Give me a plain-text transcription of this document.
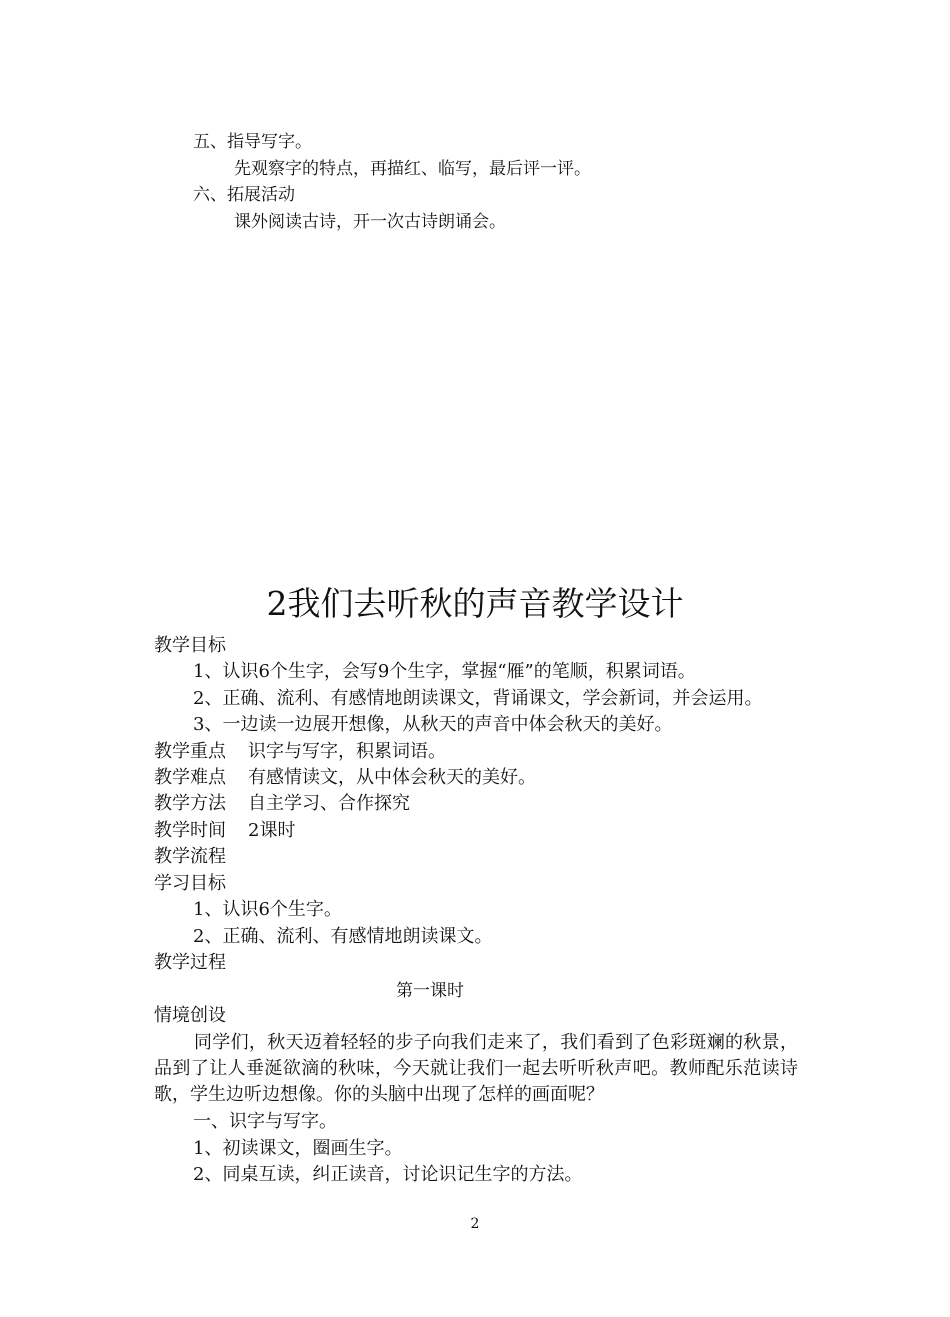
五、指导写字。
先观察字的特点，再描红、临写，最后评一评。
六、拓展活动
课外阅读古诗，开一次古诗朗诵会。
2我们去听秋的声音教学设计
教学目标
1、认识6个生字，会写9个生字，掌握“雁”的笔顺，积累词语。
2、正确、流利、有感情地朗读课文，背诵课文，学会新词，并会运用。
3、一边读一边展开想像，从秋天的声音中体会秋天的美好。
教学重点 识字与写字，积累词语。
教学难点 有感情读文，从中体会秋天的美好。
教学方法 自主学习、合作探究
教学时间 2课时
教学流程
学习目标
1、认识6个生字。
2、正确、流利、有感情地朗读课文。
教学过程
第一课时
情境创设
同学们，秋天迈着轻轻的步子向我们走来了，我们看到了色彩斑斓的秋景，品到了让人垂涎欲滴的秋味，今天就让我们一起去听听秋声吧。教师配乐范读诗歌，学生边听边想像。你的头脑中出现了怎样的画面呢？
一、识字与写字。
1、初读课文，圈画生字。
2、同桌互读，纠正读音，讨论识记生字的方法。
2
